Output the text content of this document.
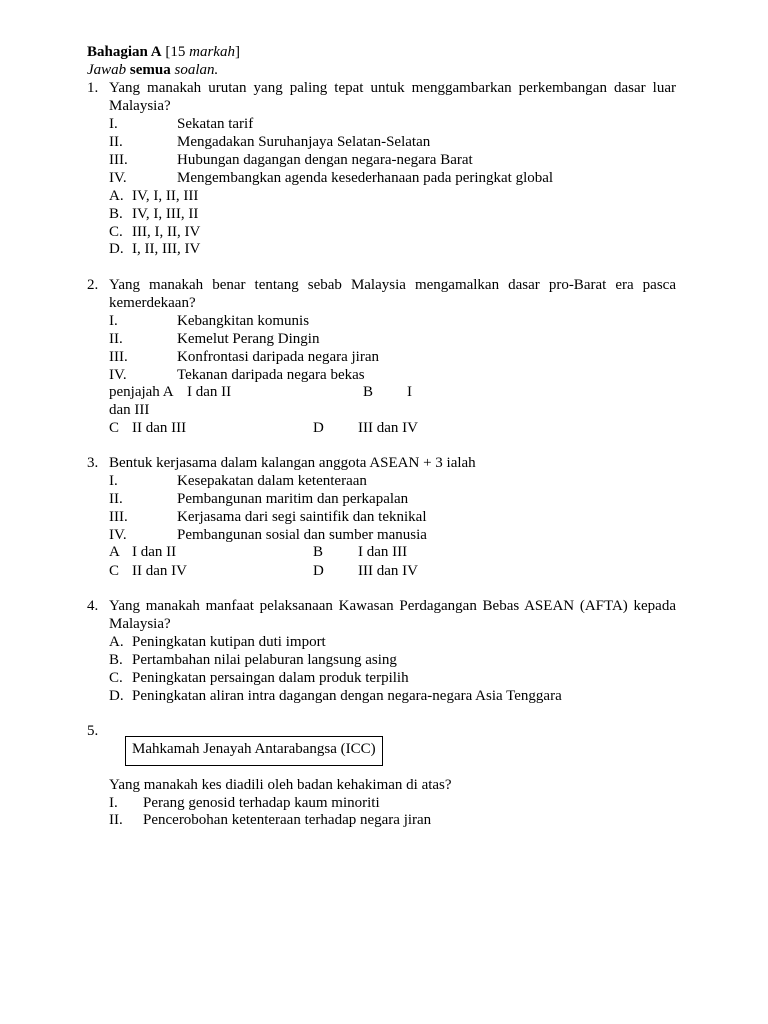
Bahagian A [15 markah]
Jawab semua soalan.
1. Yang manakah urutan yang paling tepat untuk menggambarkan perkembangan dasar luar
Malaysia?
I.	Sekatan tarif
II.	Mengadakan Suruhanjaya Selatan-Selatan
III.	Hubungan dagangan dengan negara-negara Barat
IV.	Mengembangkan agenda kesederhanaan pada peringkat global
A. IV, I, II, III
B. IV, I, III, II
C. III, I, II, IV
D. I, II, III, IV
2. Yang manakah benar tentang sebab Malaysia mengamalkan dasar pro-Barat era pasca
kemerdekaan?
I.	Kebangkitan komunis
II.	Kemelut Perang Dingin
III.	Konfrontasi daripada negara jiran
IV.	Tekanan daripada negara bekas
penjajah A I dan II	B I
dan III
C II dan III	D III dan IV
3. Bentuk kerjasama dalam kalangan anggota ASEAN + 3 ialah
I.	Kesepakatan dalam ketenteraan
II.	Pembangunan maritim dan perkapalan
III.	Kerjasama dari segi saintifik dan teknikal
IV.	Pembangunan sosial dan sumber manusia
A I dan II	B I dan III
C II dan IV	D III dan IV
4. Yang manakah manfaat pelaksanaan Kawasan Perdagangan Bebas ASEAN (AFTA) kepada
Malaysia?
A. Peningkatan kutipan duti import
B. Pertambahan nilai pelaburan langsung asing
C. Peningkatan persaingan dalam produk terpilih
D. Peningkatan aliran intra dagangan dengan negara-negara Asia Tenggara
5.
Mahkamah Jenayah Antarabangsa (ICC)
Yang manakah kes diadili oleh badan kehakiman di atas?
I. Perang genosid terhadap kaum minoriti
II. Pencerobohan ketenteraan terhadap negara jiran
